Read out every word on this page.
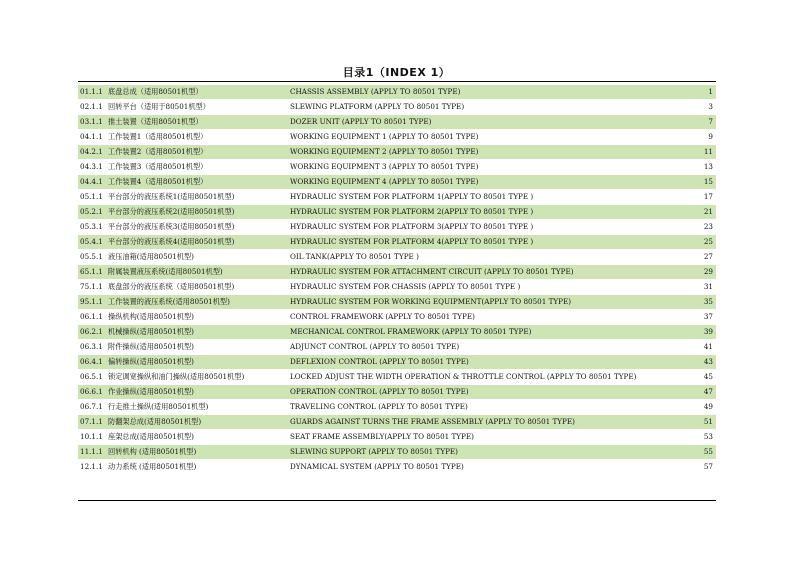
目录1（INDEX 1）
01.1.1	底盘总成（适用80501机型）	CHASSIS ASSEMBLY (APPLY TO 80501 TYPE)	1
02.1.1	回转平台（适用于80501机型）	SLEWING PLATFORM (APPLY TO 80501 TYPE)	3
03.1.1	推土装置（适用80501机型）	DOZER UNIT (APPLY TO 80501 TYPE)	7
04.1.1	工作装置1（适用80501机型）	WORKING EQUIPMENT 1 (APPLY TO 80501 TYPE)	9
04.2.1	工作装置2（适用80501机型）	WORKING EQUIPMENT 2 (APPLY TO 80501 TYPE)	11
04.3.1	工作装置3（适用80501机型）	WORKING EQUIPMENT 3 (APPLY TO 80501 TYPE)	13
04.4.1	工作装置4（适用80501机型）	WORKING EQUIPMENT 4 (APPLY TO 80501 TYPE)	15
05.1.1	平台部分的液压系统1(适用80501机型)	HYDRAULIC SYSTEM FOR PLATFORM 1(APPLY TO 80501 TYPE )	17
05.2.1	平台部分的液压系统2(适用80501机型)	HYDRAULIC SYSTEM FOR PLATFORM 2(APPLY TO 80501 TYPE )	21
05.3.1	平台部分的液压系统3(适用80501机型)	HYDRAULIC SYSTEM FOR PLATFORM 3(APPLY TO 80501 TYPE )	23
05.4.1	平台部分的液压系统4(适用80501机型)	HYDRAULIC SYSTEM FOR PLATFORM 4(APPLY TO 80501 TYPE )	25
05.5.1	液压油箱(适用80501机型)	OIL TANK(APPLY TO 80501 TYPE )	27
65.1.1	附属装置液压系统(适用80501机型)	HYDRAULIC SYSTEM FOR ATTACHMENT CIRCUIT (APPLY TO 80501 TYPE)	29
75.1.1	底盘部分的液压系统（适用80501机型)	HYDRAULIC SYSTEM FOR CHASSIS (APPLY TO 80501 TYPE )	31
95.1.1	工作装置的液压系统(适用80501机型)	HYDRAULIC SYSTEM FOR WORKING EQUIPMENT(APPLY TO 80501 TYPE)	35
06.1.1	操纵机构(适用80501机型)	CONTROL FRAMEWORK (APPLY TO 80501 TYPE)	37
06.2.1	机械操纵(适用80501机型)	MECHANICAL CONTROL FRAMEWORK (APPLY TO 80501 TYPE)	39
06.3.1	附件操纵(适用80501机型)	ADJUNCT CONTROL (APPLY TO 80501 TYPE)	41
06.4.1	偏转操纵(适用80501机型)	DEFLEXION CONTROL (APPLY TO 80501 TYPE)	43
06.5.1	锁定调宽操纵和油门操纵(适用80501机型)	LOCKED ADJUST THE WIDTH OPERATION & THROTTLE CONTROL (APPLY TO 80501 TYPE)	45
06.6.1	作业操纵(适用80501机型)	OPERATION CONTROL (APPLY TO 80501 TYPE)	47
06.7.1	行走推土操纵(适用80501机型)	TRAVELING CONTROL (APPLY TO 80501 TYPE)	49
07.1.1	防翻架总成(适用80501机型)	GUARDS AGAINST TURNS THE FRAME ASSEMBLY (APPLY TO 80501 TYPE)	51
10.1.1	座架总成(适用80501机型)	SEAT FRAME ASSEMBLY(APPLY TO 80501 TYPE)	53
11.1.1	回转机构 (适用80501机型)	SLEWING SUPPORT (APPLY TO 80501 TYPE)	55
12.1.1	动力系统 (适用80501机型)	DYNAMICAL SYSTEM (APPLY TO 80501 TYPE)	57
